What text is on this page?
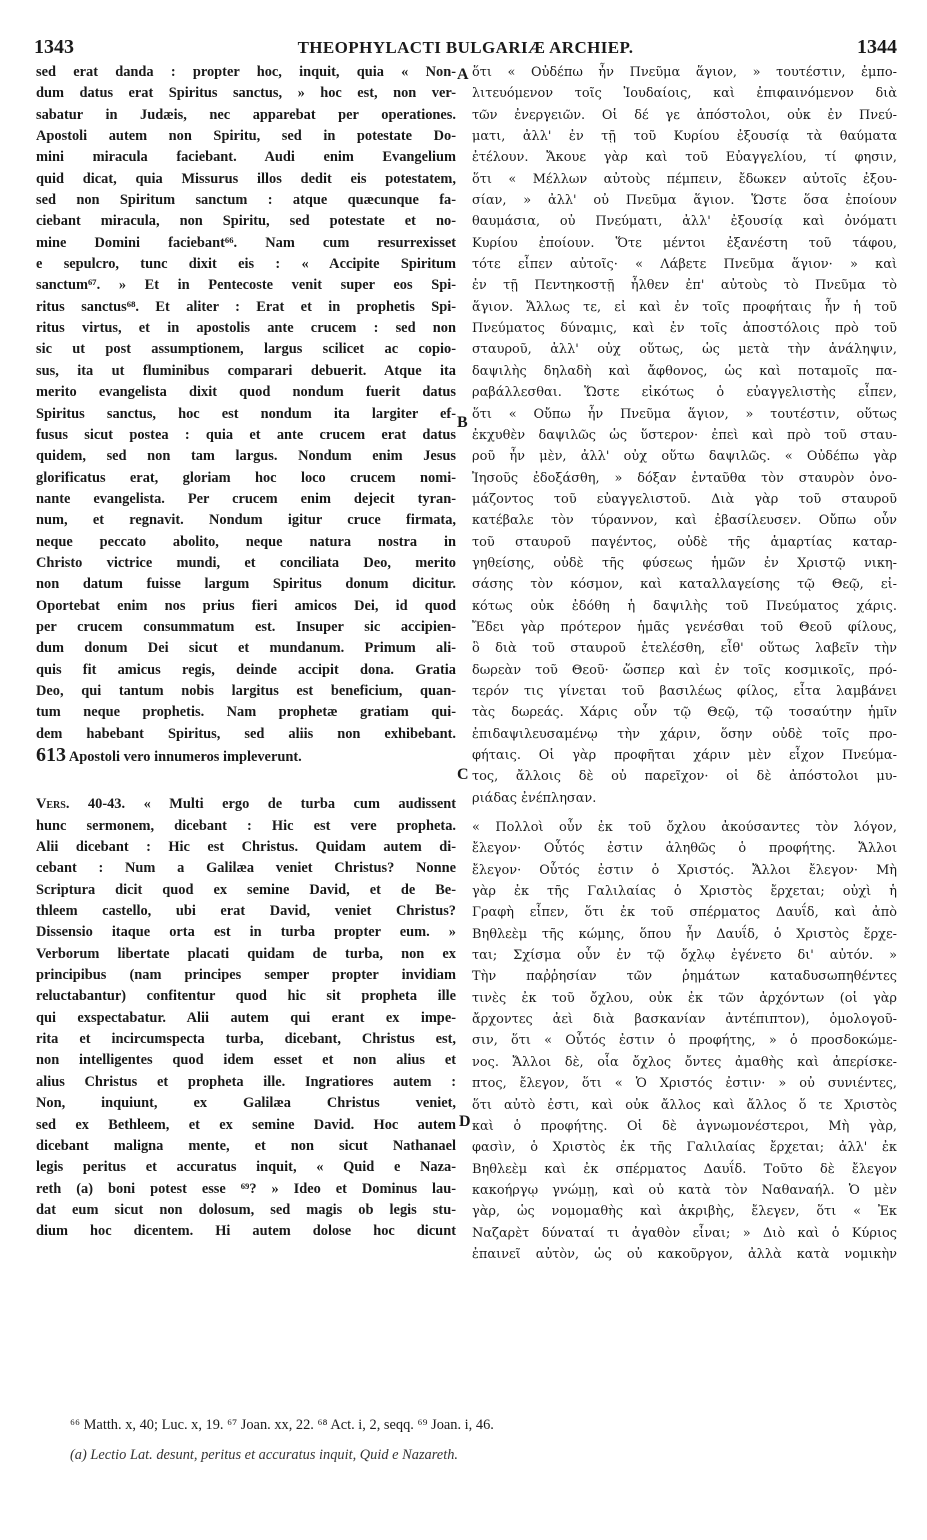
1343	THEOPHYLACTI BULGARIÆ ARCHIEP.	1344
sed erat danda : propter hoc, inquit, quia « Non-
dum datus erat Spiritus sanctus, » hoc est, non ver-
sabatur in Judæis, nec apparebat per operationes.
Apostoli autem non Spiritu, sed in potestate Do-
mini miracula faciebant. Audi enim Evangelium
quid dicat, quia Missurus illos dedit eis potestatem,
sed non Spiritum sanctum : atque quæcunque fa-
ciebant miracula, non Spiritu, sed potestate et no-
mine Domini faciebant⁶⁶. Nam cum resurrexisset
e sepulcro, tunc dixit eis : « Accipite Spiritum
sanctum⁶⁷. » Et in Pentecoste venit super eos Spi-
ritus sanctus⁶⁸. Et aliter : Erat et in prophetis Spi-
ritus virtus, et in apostolis ante crucem : sed non
sic ut post assumptionem, largus scilicet ac copio-
sus, ita ut fluminibus comparari debuerit. Atque ita
merito evangelista dixit quod nondum fuerit datus
Spiritus sanctus, hoc est nondum ita largiter ef-
fusus sicut postea : quia et ante crucem erat datus
quidem, sed non tam largus. Nondum enim Jesus
glorificatus erat, gloriam hoc loco crucem nomi-
nante evangelista. Per crucem enim dejecit tyran-
num, et regnavit. Nondum igitur cruce firmata,
neque peccato abolito, neque natura nostra in
Christo victrice mundi, et conciliata Deo, merito
non datum fuisse largum Spiritus donum dicitur.
Oportebat enim nos prius fieri amicos Dei, id quod
per crucem consummatum est. Insuper sic accipien-
dum donum Dei sicut et mundanum. Primum ali-
quis fit amicus regis, deinde accipit dona. Gratia
Deo, qui tantum nobis largitus est beneficium, quan-
tum neque prophetis. Nam prophetæ gratiam qui-
dem habebant Spiritus, sed aliis non exhibebant.
613 Apostoli vero innumeros impleverunt.
Vers. 40-43. « Multi ergo de turba cum audissent
hunc sermonem, dicebant : Hic est vere propheta.
Alii dicebant : Hic est Christus. Quidam autem di-
cebant : Num a Galilæa veniet Christus? Nonne
Scriptura dicit quod ex semine David, et de Be-
thleem castello, ubi erat David, veniet Christus?
Dissensio itaque orta est in turba propter eum. »
Verborum libertate placati quidam de turba, non ex
principibus (nam principes semper propter invidiam
reluctabantur) confitentur quod hic sit propheta ille
qui exspectabatur. Alii autem qui erant ex impe-
rita et incircumspecta turba, dicebant, Christus est,
non intelligentes quod idem esset et non alius et
alius Christus et propheta ille. Ingratiores autem :
Non, inquiunt, ex Galilæa Christus veniet,
sed ex Bethleem, et ex semine David. Hoc autem
dicebant maligna mente, et non sicut Nathanael
legis peritus et accuratus inquit, « Quid e Naza-
reth (a) boni potest esse ⁶⁹? » Ideo et Dominus lau-
dat eum sicut non dolosum, sed magis ob legis stu-
dium hoc dicentem. Hi autem dolose hoc dicunt
ὅτι « Οὐδέπω ἦν Πνεῦμα ἅγιον, » τουτέστιν, ἐμπο-
λιτευόμενον τοῖς Ἰουδαίοις, καὶ ἐπιφαινόμενον διὰ
τῶν ἐνεργειῶν. Οἱ δέ γε ἀπόστολοι, οὐκ ἐν Πνεύ-
ματι, ἀλλ' ἐν τῇ τοῦ Κυρίου ἐξουσίᾳ τὰ θαύματα
ἐτέλουν. Ἄκουε γὰρ καὶ τοῦ Εὐαγγελίου, τί φησιν,
ὅτι « Μέλλων αὐτοὺς πέμπειν, ἔδωκεν αὐτοῖς ἐξου-
σίαν, » ἀλλ' οὐ Πνεῦμα ἅγιον. Ὥστε ὅσα ἐποίουν
θαυμάσια, οὐ Πνεύματι, ἀλλ' ἐξουσίᾳ καὶ ὀνόματι
Κυρίου ἐποίουν. Ὅτε μέντοι ἐξανέστη τοῦ τάφου,
τότε εἶπεν αὐτοῖς· « Λάβετε Πνεῦμα ἅγιον· » καὶ
ἐν τῇ Πεντηκοστῇ ἦλθεν ἐπ' αὐτοὺς τὸ Πνεῦμα τὸ
ἅγιον. Ἄλλως τε, εἰ καὶ ἐν τοῖς προφήταις ἦν ἡ τοῦ
Πνεύματος δύναμις, καὶ ἐν τοῖς ἀποστόλοις πρὸ τοῦ
σταυροῦ, ἀλλ' οὐχ οὕτως, ὡς μετὰ τὴν ἀνάληψιν,
δαψιλὴς δηλαδὴ καὶ ἄφθονος, ὡς καὶ ποταμοῖς πα-
ραβάλλεσθαι. Ὥστε εἰκότως ὁ εὐαγγελιστὴς εἶπεν,
ὅτι « Οὔπω ἦν Πνεῦμα ἅγιον, » τουτέστιν, οὕτως
ἐκχυθὲν δαψιλῶς ὡς ὕστερον· ἐπεὶ καὶ πρὸ τοῦ σταυ-
ροῦ ἦν μὲν, ἀλλ' οὐχ οὕτω δαψιλῶς. « Οὐδέπω γὰρ
Ἰησοῦς ἐδοξάσθη, » δόξαν ἐνταῦθα τὸν σταυρὸν ὀνο-
μάζοντος τοῦ εὐαγγελιστοῦ. Διὰ γὰρ τοῦ σταυροῦ
κατέβαλε τὸν τύραννον, καὶ ἐβασίλευσεν. Οὔπω οὖν
τοῦ σταυροῦ παγέντος, οὐδὲ τῆς ἁμαρτίας καταρ-
γηθείσης, οὐδὲ τῆς φύσεως ἡμῶν ἐν Χριστῷ νικη-
σάσης τὸν κόσμον, καὶ καταλλαγείσης τῷ Θεῷ, εἰ-
κότως οὐκ ἐδόθη ἡ δαψιλὴς τοῦ Πνεύματος χάρις.
Ἔδει γὰρ πρότερον ἡμᾶς γενέσθαι τοῦ Θεοῦ φίλους,
ὃ διὰ τοῦ σταυροῦ ἐτελέσθη, εἶθ' οὕτως λαβεῖν τὴν
δωρεὰν τοῦ Θεοῦ· ὥσπερ καὶ ἐν τοῖς κοσμικοῖς, πρό-
τερόν τις γίνεται τοῦ βασιλέως φίλος, εἶτα λαμβάνει
τὰς δωρεάς. Χάρις οὖν τῷ Θεῷ, τῷ τοσαύτην ἡμῖν
ἐπιδαψιλευσαμένῳ τὴν χάριν, ὅσην οὐδὲ τοῖς προ-
φήταις. Οἱ γὰρ προφῆται χάριν μὲν εἶχον Πνεύμα-
τος, ἄλλοις δὲ οὐ παρεῖχον· οἱ δὲ ἀπόστολοι μυ-
ριάδας ἐνέπλησαν.
« Πολλοὶ οὖν ἐκ τοῦ ὄχλου ἀκούσαντες τὸν λόγον,
ἔλεγον· Οὗτός ἐστιν ἀληθῶς ὁ προφήτης. Ἄλλοι
ἔλεγον· Οὗτός ἐστιν ὁ Χριστός. Ἄλλοι ἔλεγον· Μὴ
γὰρ ἐκ τῆς Γαλιλαίας ὁ Χριστὸς ἔρχεται; οὐχὶ ἡ
Γραφὴ εἶπεν, ὅτι ἐκ τοῦ σπέρματος Δαυΐδ, καὶ ἀπὸ
Βηθλεὲμ τῆς κώμης, ὅπου ἦν Δαυΐδ, ὁ Χριστὸς ἔρχε-
ται; Σχίσμα οὖν ἐν τῷ ὄχλῳ ἐγένετο δι' αὐτόν. »
Τὴν παῤῥησίαν τῶν ῥημάτων καταδυσωπηθέντες
τινὲς ἐκ τοῦ ὄχλου, οὐκ ἐκ τῶν ἀρχόντων (οἱ γὰρ
ἄρχοντες ἀεὶ διὰ βασκανίαν ἀντέπιπτον), ὁμολογοῦ-
σιν, ὅτι « Οὗτός ἐστιν ὁ προφήτης, » ὁ προσδοκώμε-
νος. Ἄλλοι δὲ, οἷα ὄχλος ὄντες ἀμαθὴς καὶ ἀπερίσκε-
πτος, ἔλεγον, ὅτι « Ὁ Χριστός ἐστιν· » οὐ συνιέντες,
ὅτι αὐτὸ ἐστι, καὶ οὐκ ἄλλος καὶ ἄλλος ὅ τε Χριστὸς
καὶ ὁ προφήτης. Οἱ δὲ ἀγνωμονέστεροι, Μὴ γὰρ,
φασὶν, ὁ Χριστὸς ἐκ τῆς Γαλιλαίας ἔρχεται; ἀλλ' ἐκ
Βηθλεὲμ καὶ ἐκ σπέρματος Δαυΐδ. Τοῦτο δὲ ἔλεγον
κακοήργῳ γνώμῃ, καὶ οὐ κατὰ τὸν Ναθαναήλ. Ὁ μὲν
γὰρ, ὡς νομομαθὴς καὶ ἀκριβὴς, ἔλεγεν, ὅτι « Ἐκ
Ναζαρὲτ δύναταί τι ἀγαθὸν εἶναι; » Διὸ καὶ ὁ Κύριος
ἐπαινεῖ αὐτὸν, ὡς οὐ κακοῦργον, ἀλλὰ κατὰ νομικὴν
A
B
C
D
⁶⁶ Matth. x, 40; Luc. x, 19. ⁶⁷ Joan. xx, 22. ⁶⁸ Act. i, 2, seqq. ⁶⁹ Joan. i, 46.
(a) Lectio Lat. desunt, peritus et accuratus inquit, Quid e Nazareth.
